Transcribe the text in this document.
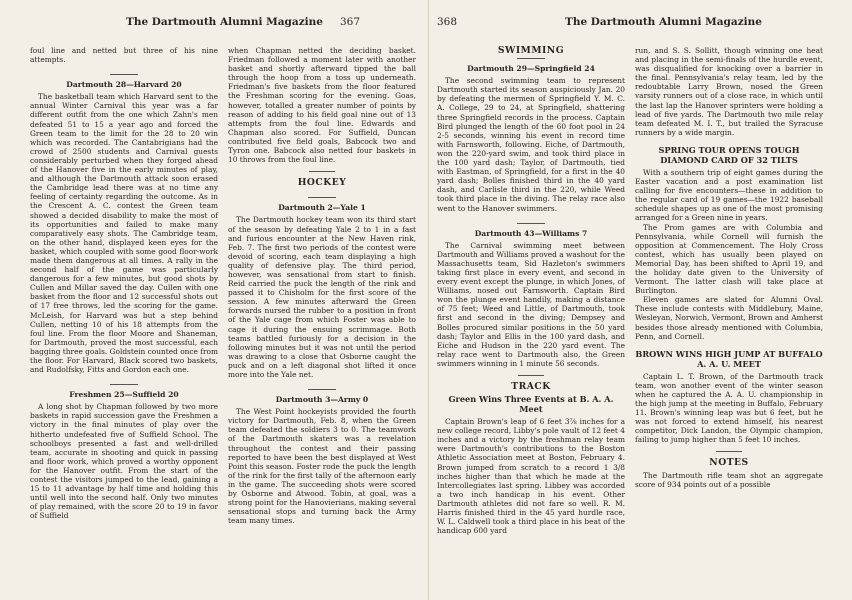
The Dartmouth Alumni Magazine 367

foul line and netted but three of his nine attempts.

Dartmouth 28—Harvard 20

The basketball team which Harvard sent to the annual Winter Carnival this year was a far different outfit from the one which Zahn's men defeated 51 to 15 a year ago and forced the Green team to the limit for the 28 to 20 win which was recorded. The Cantabrigians had the crowd of 2500 students and Carnival guests considerably perturbed when they forged ahead of the Hanover five in the early minutes of play, and although the Dartmouth attack soon erased the Cambridge lead there was at no time any feeling of certainty regarding the outcome. As in the Crescent A. C. contest the Green team showed a decided disability to make the most of its opportunities and failed to make many comparatively easy shots. The Cambridge team, on the other hand, displayed keen eyes for the basket, which coupled with some good floor-work made them dangerous at all times. A rally in the second half of the game was particularly dangerous for a few minutes, but good shots by Cullen and Millar saved the day. Cullen with one basket from the floor and 12 successful shots out of 17 free throws, led the scoring for the game. McLeish, for Harvard was but a step behind Cullen, netting 10 of his 18 attempts from the foul line. From the floor Moore and Shaneman, for Dartmouth, proved the most successful, each bagging three goals. Goldstein counted once from the floor. For Harvard, Black scored two baskets, and Rudolfsky, Fitts and Gordon each one.

Freshmen 25—Suffield 20

A long shot by Chapman followed by two more baskets in rapid succession gave the Freshmen a victory in the final minutes of play over the hitherto undefeated five of Suffield School. The schoolboys presented a fast and well-drilled team, accurate in shooting and quick in passing and floor work, which proved a worthy opponent for the Hanover outfit. From the start of the contest the visitors jumped to the lead, gaining a 15 to 11 advantage by half time and holding this until well into the second half. Only two minutes of play remained, with the score 20 to 19 in favor of Suffield

when Chapman netted the deciding basket. Friedman followed a moment later with another basket and shortly afterward tipped the ball through the hoop from a toss up underneath. Friedman's five baskets from the floor featured the Freshman scoring for the evening. Goas, however, totalled a greater number of points by reason of adding to his field goal nine out of 13 attempts from the foul line. Edwards and Chapman also scored. For Suffield, Duncan contributed five field goals, Babcock two and Tyron one. Babcock also netted four baskets in 10 throws from the foul line.

HOCKEY
Dartmouth 2—Yale 1

The Dartmouth hockey team won its third start of the season by defeating Yale 2 to 1 in a fast and furious encounter at the New Haven rink, Feb. 7. The first two periods of the contest were devoid of scoring, each team displaying a high quality of defensive play. The third period, however, was sensational from start to finish. Reid carried the puck the length of the rink and passed it to Chisholm for the first score of the session. A few minutes afterward the Green forwards nursed the rubber to a position in front of the Yale cage from which Foster was able to cage it during the ensuing scrimmage. Both teams battled furiously for a decision in the following minutes but it was not until the period was drawing to a close that Osborne caught the puck and on a left diagonal shot lifted it once more into the Yale net.

Dartmouth 3—Army 0

The West Point hockeyists provided the fourth victory for Dartmouth, Feb. 8, when the Green team defeated the soldiers 3 to 0. The teamwork of the Dartmouth skaters was a revelation throughout the contest and their passing reported to have been the best displayed at West Point this season. Foster rode the puck the length of the rink for the first tally of the afternoon early in the game. The succeeding shots were scored by Osborne and Atwood. Tobin, at goal, was a strong point for the Hanovierians, making several sensational stops and turning back the Army team many times.

368	The Dartmouth Alumni Magazine
SWIMMING
Dartmouth 29—Springfield 24

The second swimming team to represent Dartmouth started its season auspiciously Jan. 20 by defeating the mermen of Springfield Y. M. C. A. College, 29 to 24, at Springfield, shattering three Springfield records in the process. Captain Bird plunged the length of the 60 foot pool in 24 2-5 seconds, winning his event in record time with Farnsworth, following. Eiche, of Dartmouth, won the 220-yard swim, and took third place in the 100 yard dash; Taylor, of Dartmouth, tied with Eastman, of Springfield, for a first in the 40 yard dash; Bolles finished third in the 40 yard dash, and Carlisle third in the 220, while Weed took third place in the diving. The relay race also went to the Hanover swimmers.

Dartmouth 43—Williams 7

The Carnival swimming meet between Dartmouth and Williams proved a washout for the Massachusetts team, Sid Hazleton's swimmers taking first place in every event, and second in every event except the plunge, in which Jones, of Williams, nosed out Farnsworth. Captain Bird won the plunge event handily, making a distance of 75 feet; Weed and Little, of Dartmouth, took first and second in the diving; Dempsey and Bolles procured similar positions in the 50 yard dash; Taylor and Ellis in the 100 yard dash, and Eiche and Hudson in the 220 yard event. The relay race went to Dartmouth also, the Green swimmers winning in 1 minute 56 seconds.

TRACK
Green Wins Three Events at B. A. A. Meet

Captain Brown's leap of 6 feet 3⅞ inches for a new college record, Libby's pole vault of 12 feet 4 inches and a victory by the freshman relay team were Dartmouth's contributions to the Boston Athletic Association meet at Boston, February 4. Brown jumped from scratch to a record 1 3/8 inches higher than that which he made at the Intercollegiates last spring. Libbey was accorded a two inch handicap in his event. Other Dartmouth athletes did not fare so well. R. M. Harris finished third in the 45 yard hurdle race, W. L. Caldwell took a third place in his beat of the handicap 600 yard

run, and S. S. Sollitt, though winning one heat and placing in the semi-finals of the hurdle event, was disqualified for knocking over a barrier in the final. Pennsylvania's relay team, led by the redoubtable Larry Brown, nosed the Green varsity runners out of a close race, in which until the last lap the Hanover sprinters were holding a lead of five yards. The Dartmouth two mile relay team defeated M. I. T., but trailed the Syracuse runners by a wide margin.

SPRING TOUR OPENS TOUGH DIAMOND CARD OF 32 TILTS

With a southern trip of eight games during the Easter vacation and a post examination list calling for five encounters—these in addition to the regular card of 19 games—the 1922 baseball schedule shapes up as one of the most promising arranged for a Green nine in years.

The Prom games are with Columbia and Pennsylvania, while Cornell will furnish the opposition at Commencement. The Holy Cross contest, which has usually been played on Memorial Day, has been shifted to April 19, and the holiday date given to the University of Vermont. The latter clash will take place at Burlington.

Eleven games are slated for Alumni Oval. These include contests with Middlebury, Maine, Wesleyan, Norwich, Vermont, Brown and Amherst besides those already mentioned with Columbia, Penn, and Cornell.

BROWN WINS HIGH JUMP AT BUFFALO A. A. U. MEET

Captain L. T. Brown, of the Dartmouth track team, won another event of the winter season when he captured the A. A. U. championship in the high jump at the meeting in Buffalo, February 11. Brown's winning leap was but 6 feet, but he was not forced to extend himself, his nearest competitor, Dick Landon, the Olympic champion, failing to jump higher than 5 feet 10 inches.

NOTES

The Dartmouth rifle team shot an aggregate score of 934 points out of a possible
